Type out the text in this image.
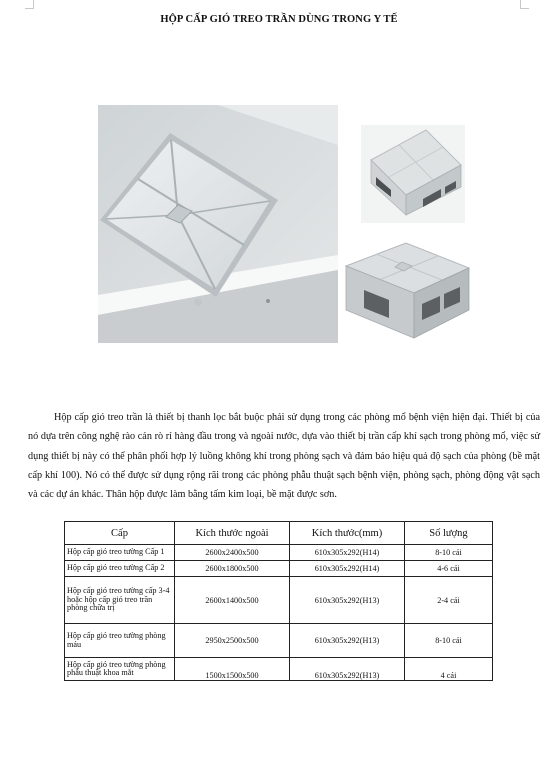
HỘP CẤP GIÓ TREO TRẦN DÙNG TRONG Y TẾ

Hộp cấp gió treo trần là thiết bị thanh lọc bắt buộc phải sử dụng trong các phòng mổ bệnh viện hiện đại. Thiết bị của nó dựa trên công nghệ rào cản rò rỉ hàng đầu trong và ngoài nước, dựa vào thiết bị trần cấp khí sạch trong phòng mổ, việc sử dụng thiết bị này có thể phân phối hợp lý luồng không khí trong phòng sạch và đảm bảo hiệu quả độ sạch của phòng (bề mặt cấp khí 100). Nó có thể được sử dụng rộng rãi trong các phòng phẫu thuật sạch bệnh viện, phòng sạch, phòng động vật sạch và các dự án khác. Thân hộp được làm bằng tấm kim loại, bề mặt được sơn.

Cấp	Kích thước ngoài	Kích thước(mm)	Số lượng
Hộp cấp gió treo tường Cấp 1	2600x2400x500	610x305x292(H14)	8-10 cái
Hộp cấp gió treo tường Cấp 2	2600x1800x500	610x305x292(H14)	4-6 cái
Hộp cấp gió treo tường cấp 3-4 hoặc hộp cấp gió treo trần phòng chữa trị	2600x1400x500	610x305x292(H13)	2-4 cái
Hộp cấp gió treo tường phòng máu	2950x2500x500	610x305x292(H13)	8-10 cái
Hộp cấp gió treo tường phòng phẫu thuật khoa mắt	1500x1500x500	610x305x292(H13)	4 cái
